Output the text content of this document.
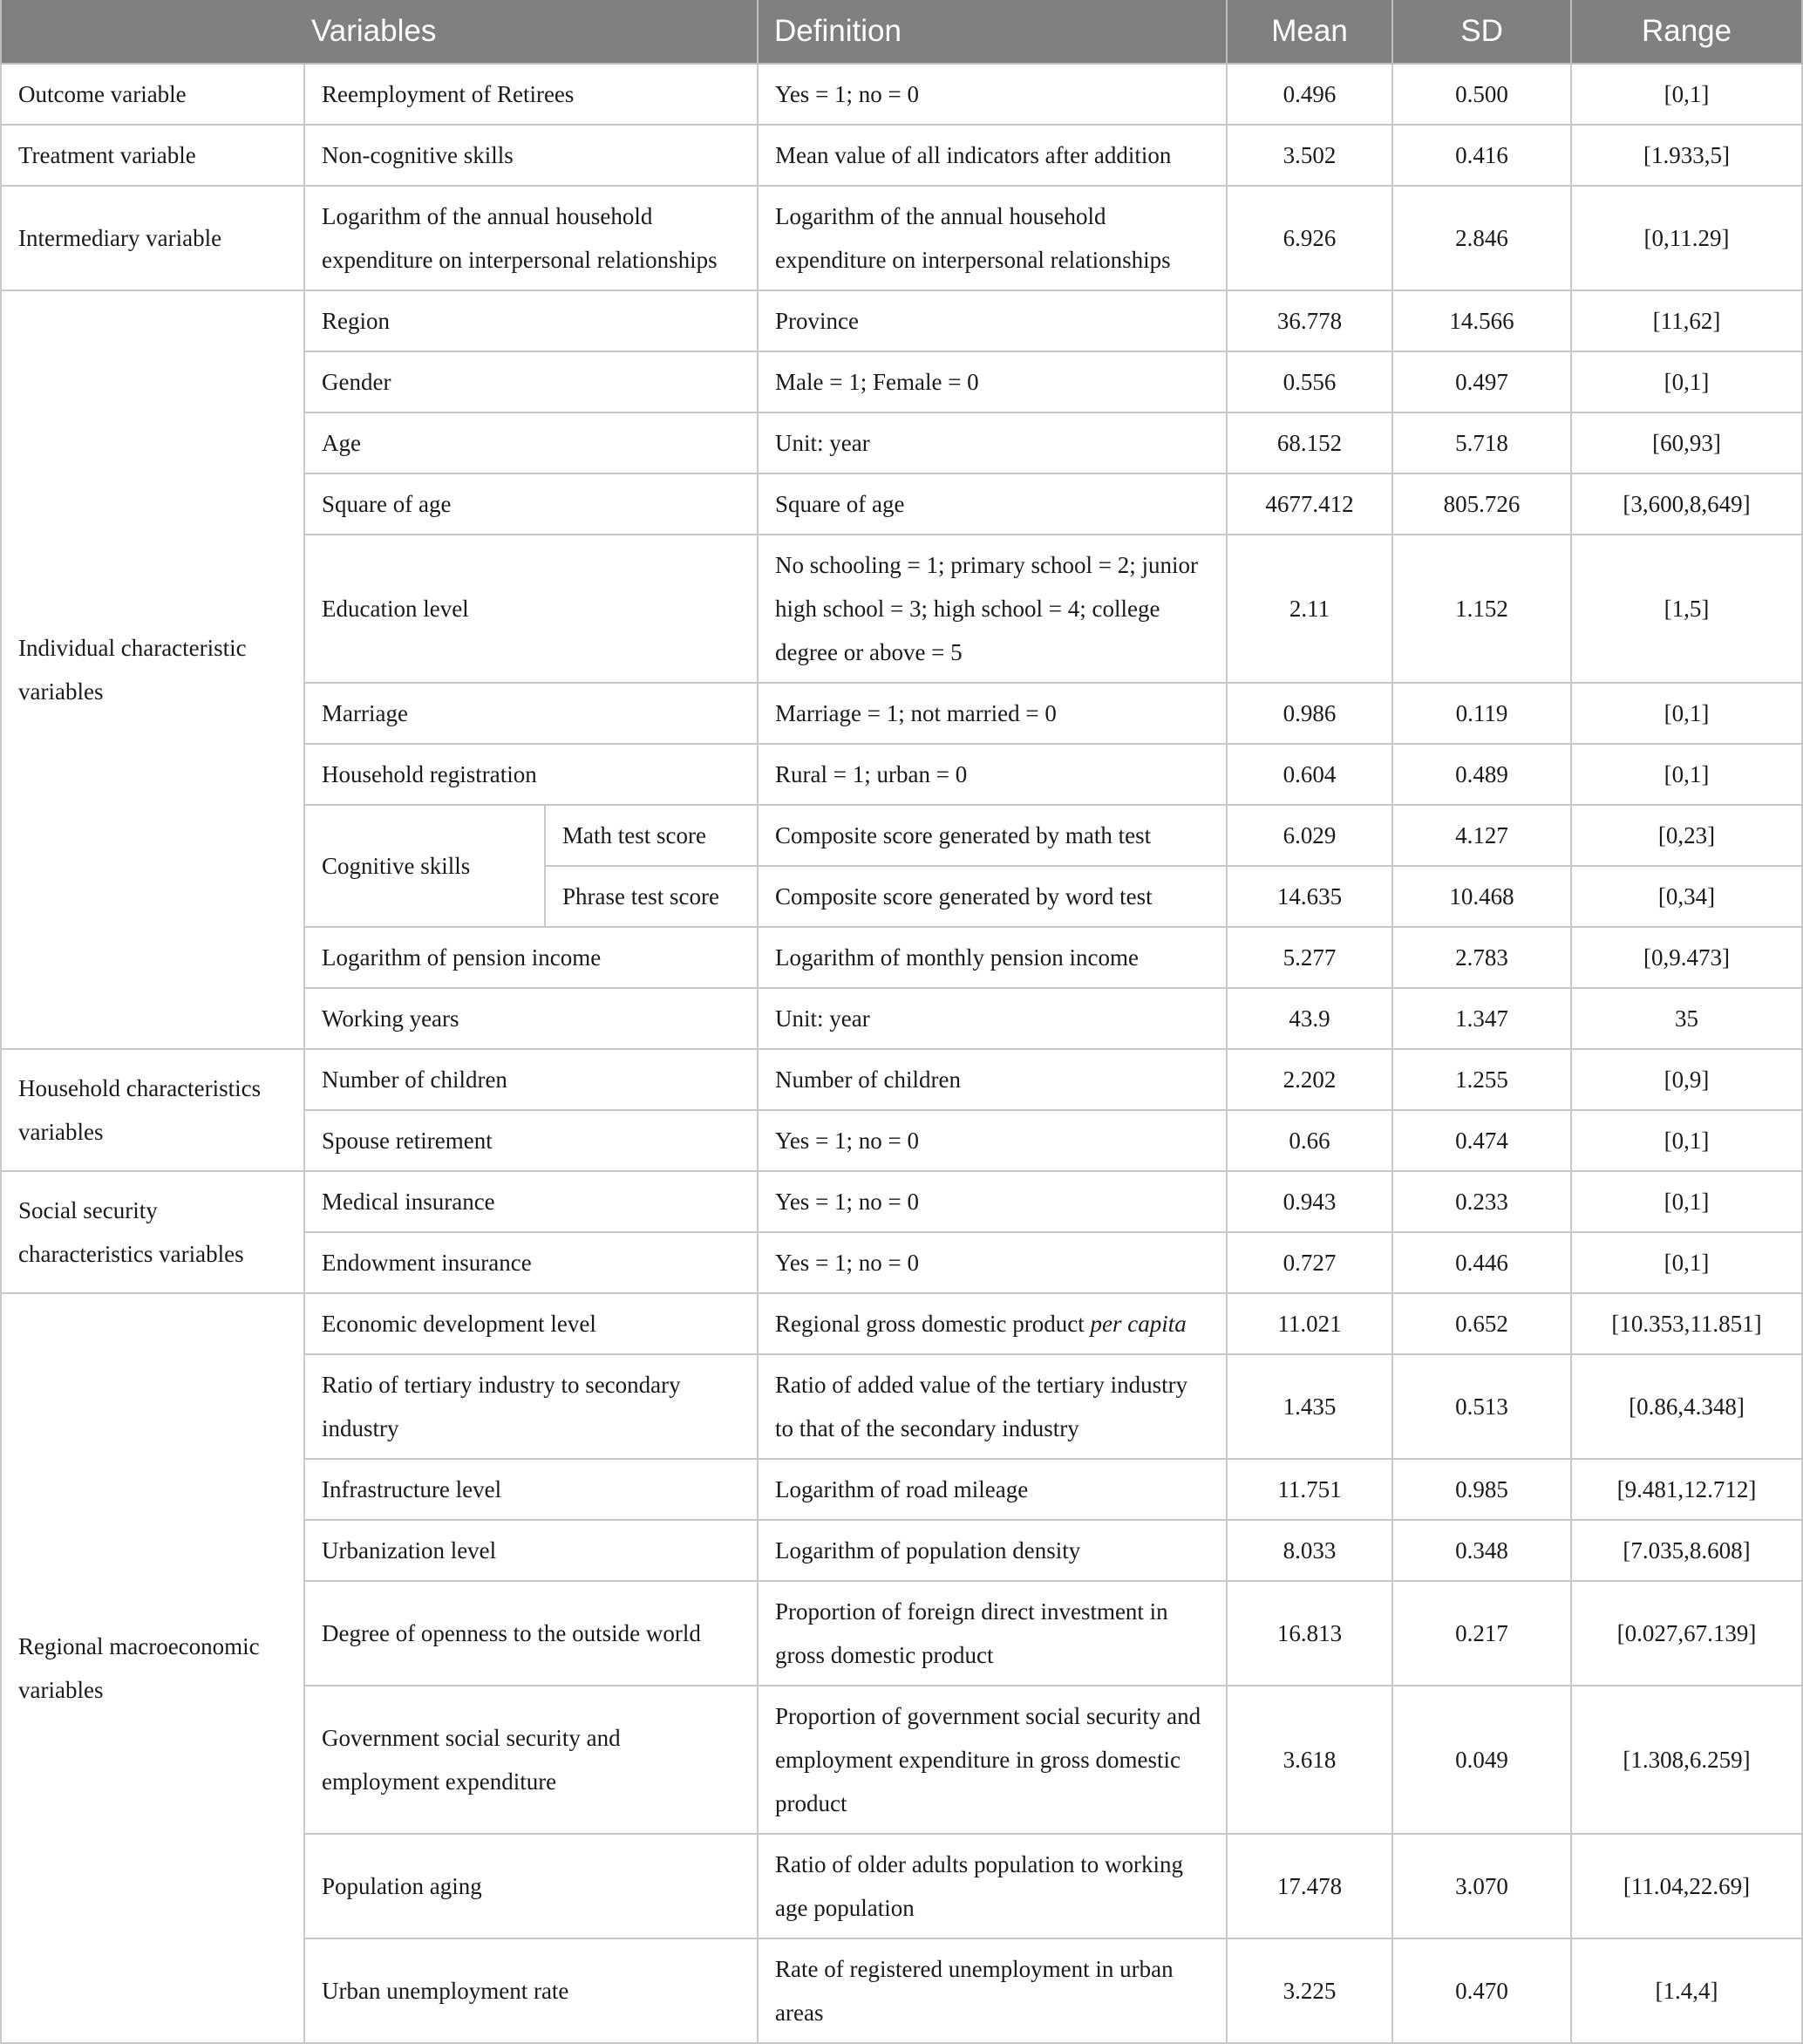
Variables			Definition	Mean	SD	Range
Outcome variable	Reemployment of Retirees		Yes = 1; no = 0	0.496	0.500	[0,1]
Treatment variable	Non-cognitive skills		Mean value of all indicators after addition	3.502	0.416	[1.933,5]
Intermediary variable	Logarithm of the annual household expenditure on interpersonal relationships		Logarithm of the annual household expenditure on interpersonal relationships	6.926	2.846	[0,11.29]
Individual characteristic variables	Region		Province	36.778	14.566	[11,62]
	Gender		Male = 1; Female = 0	0.556	0.497	[0,1]
	Age		Unit: year	68.152	5.718	[60,93]
	Square of age		Square of age	4677.412	805.726	[3,600,8,649]
	Education level		No schooling = 1; primary school = 2; junior high school = 3; high school = 4; college degree or above = 5	2.11	1.152	[1,5]
	Marriage		Marriage = 1; not married = 0	0.986	0.119	[0,1]
	Household registration		Rural = 1; urban = 0	0.604	0.489	[0,1]
	Cognitive skills	Math test score	Composite score generated by math test	6.029	4.127	[0,23]
		Phrase test score	Composite score generated by word test	14.635	10.468	[0,34]
	Logarithm of pension income		Logarithm of monthly pension income	5.277	2.783	[0,9.473]
	Working years		Unit: year	43.9	1.347	35
Household characteristics variables	Number of children		Number of children	2.202	1.255	[0,9]
	Spouse retirement		Yes = 1; no = 0	0.66	0.474	[0,1]
Social security characteristics variables	Medical insurance		Yes = 1; no = 0	0.943	0.233	[0,1]
	Endowment insurance		Yes = 1; no = 0	0.727	0.446	[0,1]
Regional macroeconomic variables	Economic development level		Regional gross domestic product per capita	11.021	0.652	[10.353,11.851]
	Ratio of tertiary industry to secondary industry		Ratio of added value of the tertiary industry to that of the secondary industry	1.435	0.513	[0.86,4.348]
	Infrastructure level		Logarithm of road mileage	11.751	0.985	[9.481,12.712]
	Urbanization level		Logarithm of population density	8.033	0.348	[7.035,8.608]
	Degree of openness to the outside world		Proportion of foreign direct investment in gross domestic product	16.813	0.217	[0.027,67.139]
	Government social security and employment expenditure		Proportion of government social security and employment expenditure in gross domestic product	3.618	0.049	[1.308,6.259]
	Population aging		Ratio of older adults population to working age population	17.478	3.070	[11.04,22.69]
	Urban unemployment rate		Rate of registered unemployment in urban areas	3.225	0.470	[1.4,4]
